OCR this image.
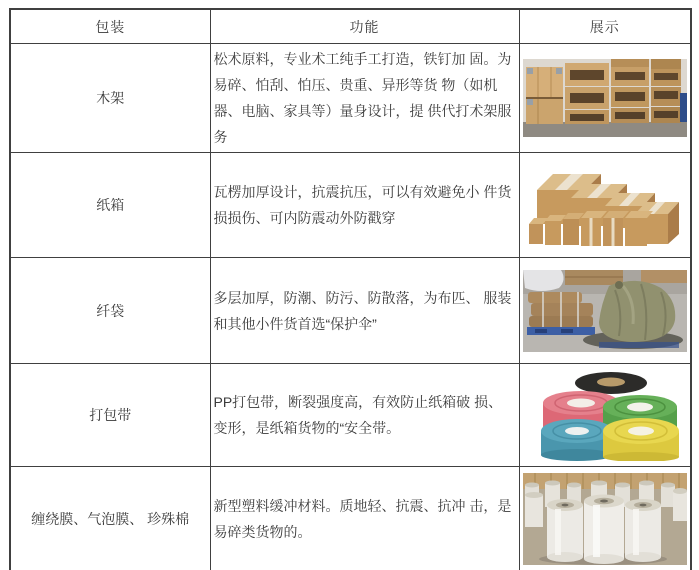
包装	功能	展示
木架	松术原料，专业术工纯手工打造，铁钉加 固。为易碎、怕刮、怕压、贵重、异形等货 物（如机器、电脑、家具等）量身设计，提 供代打术架服务	

纸箱	瓦楞加厚设计，抗震抗压，可以有效避免小 件货损损伤、可内防震动外防戳穿	

纤袋	多层加厚，防潮、防污、防散落，为布匹、 服装和其他小件货首选“保护伞”	

打包带	PP打包带，断裂强度高，有效防止纸箱破 损、变形，是纸箱货物的“安全带。	

缠绕膜、气泡膜、 珍殊棉	新型塑料缓冲材料。质地轻、抗震、抗冲 击，是易碎类货物的。	
